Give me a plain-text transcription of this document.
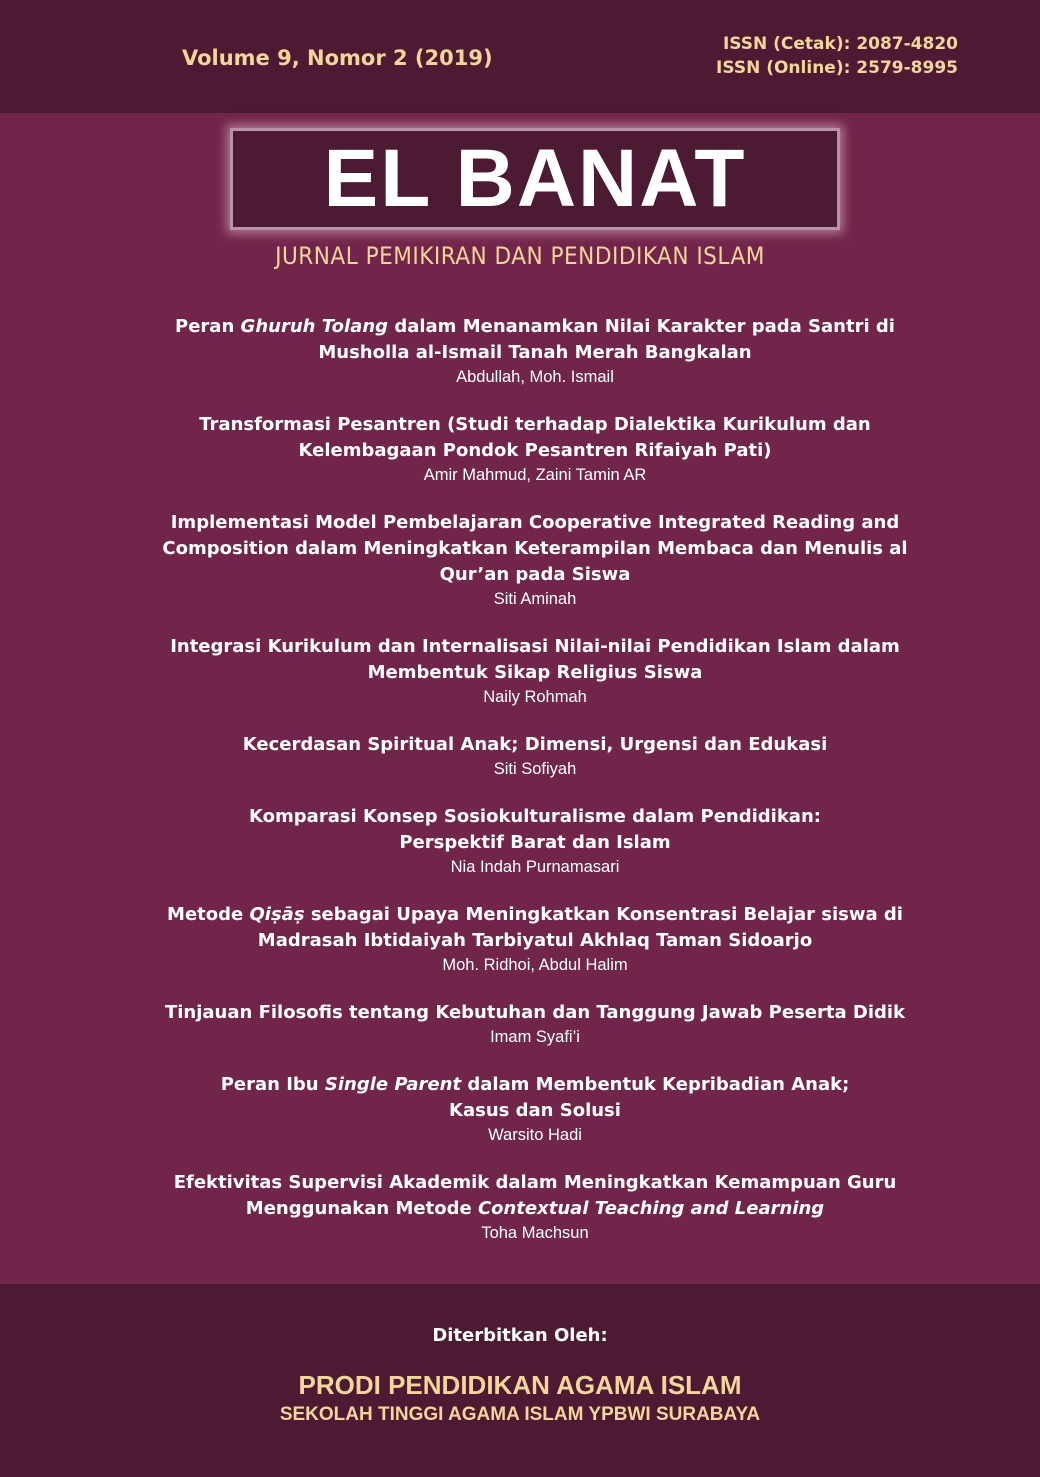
Volume 9, Nomor 2 (2019)
ISSN (Cetak): 2087-4820
ISSN (Online): 2579-8995
EL BANAT
JURNAL PEMIKIRAN DAN PENDIDIKAN ISLAM
Peran Ghuruh Tolang dalam Menanamkan Nilai Karakter pada Santri di
Musholla al-Ismail Tanah Merah Bangkalan
Abdullah, Moh. Ismail
Transformasi Pesantren (Studi terhadap Dialektika Kurikulum dan
Kelembagaan Pondok Pesantren Rifaiyah Pati)
Amir Mahmud, Zaini Tamin AR
Implementasi Model Pembelajaran Cooperative Integrated Reading and
Composition dalam Meningkatkan Keterampilan Membaca dan Menulis al
Qur’an pada Siswa
Siti Aminah
Integrasi Kurikulum dan Internalisasi Nilai-nilai Pendidikan Islam dalam
Membentuk Sikap Religius Siswa
Naily Rohmah
Kecerdasan Spiritual Anak; Dimensi, Urgensi dan Edukasi
Siti Sofiyah
Komparasi Konsep Sosiokulturalisme dalam Pendidikan:
Perspektif Barat dan Islam
Nia Indah Purnamasari
Metode Qiṣāṣ sebagai Upaya Meningkatkan Konsentrasi Belajar siswa di
Madrasah Ibtidaiyah Tarbiyatul Akhlaq Taman Sidoarjo
Moh. Ridhoi, Abdul Halim
Tinjauan Filosofis tentang Kebutuhan dan Tanggung Jawab Peserta Didik
Imam Syafi’i
Peran Ibu Single Parent dalam Membentuk Kepribadian Anak;
Kasus dan Solusi
Warsito Hadi
Efektivitas Supervisi Akademik dalam Meningkatkan Kemampuan Guru
Menggunakan Metode Contextual Teaching and Learning
Toha Machsun
Diterbitkan Oleh:
PRODI PENDIDIKAN AGAMA ISLAM
SEKOLAH TINGGI AGAMA ISLAM YPBWI SURABAYA
